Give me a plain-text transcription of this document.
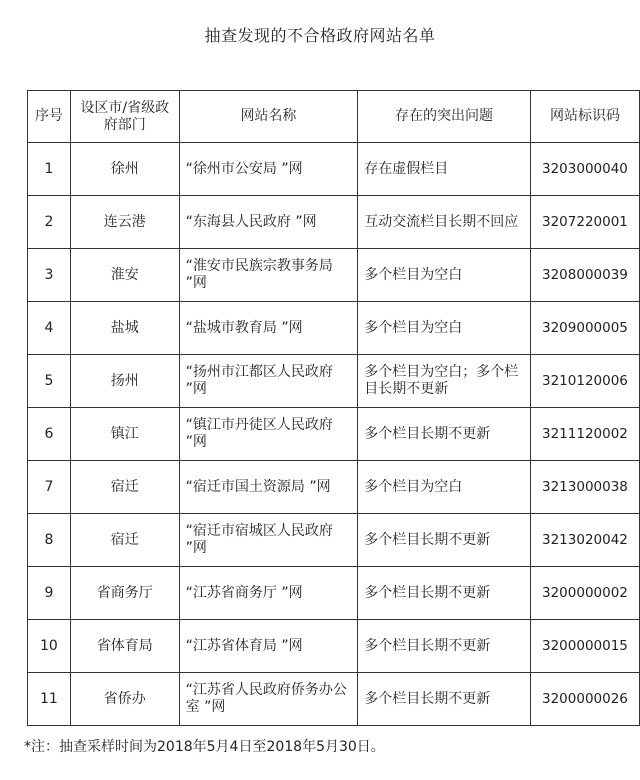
抽查发现的不合格政府网站名单
序号	设区市/省级政府部门	网站名称	存在的突出问题	网站标识码
1	徐州	“徐州市公安局 ”网	存在虚假栏目	3203000040
2	连云港	“东海县人民政府 ”网	互动交流栏目长期不回应	3207220001
3	淮安	“淮安市民族宗教事务局 ”网	多个栏目为空白	3208000039
4	盐城	“盐城市教育局 ”网	多个栏目为空白	3209000005
5	扬州	“扬州市江都区人民政府 ”网	多个栏目为空白；多个栏目长期不更新	3210120006
6	镇江	“镇江市丹徒区人民政府 ”网	多个栏目长期不更新	3211120002
7	宿迁	“宿迁市国土资源局 ”网	多个栏目为空白	3213000038
8	宿迁	“宿迁市宿城区人民政府 ”网	多个栏目长期不更新	3213020042
9	省商务厅	“江苏省商务厅 ”网	多个栏目长期不更新	3200000002
10	省体育局	“江苏省体育局 ”网	多个栏目长期不更新	3200000015
11	省侨办	“江苏省人民政府侨务办公室 ”网	多个栏目长期不更新	3200000026
*注：抽查采样时间为2018年5月4日至2018年5月30日。
